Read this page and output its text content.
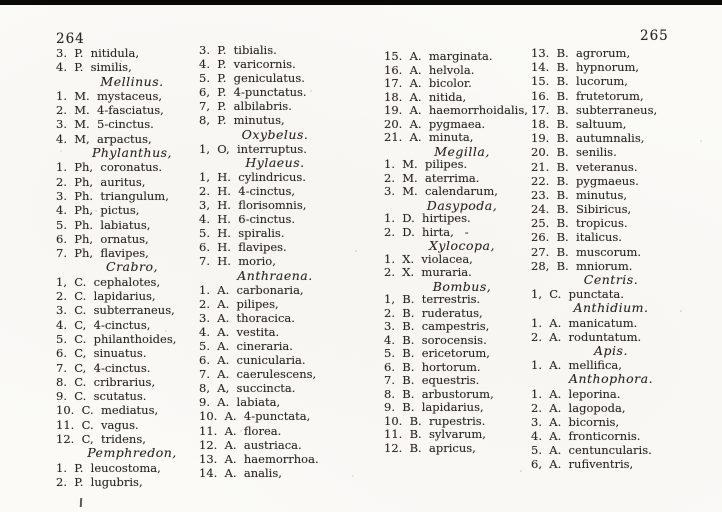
264	265
3.  P.  nitidula,
4.  P.  similis,
Mellinus.
1.  M.  mystaceus,
2.  M.  4-fasciatus,
3.  M.  5-cinctus.
4.  M,  arpactus,
Phylanthus,
1.  Ph,  coronatus.
2.  Ph,  auritus,
3.  Ph.  triangulum,
4.  Ph,  pictus,
5.  Ph.  labiatus,
6.  Ph,  ornatus,
7.  Ph,  flavipes,
Crabro,
1,  C.  cephalotes,
2.  C.  lapidarius,
3.  C.  subterraneus,
4.  C,  4-cinctus,
5.  C.  philanthoides,
6.  C,  sinuatus.
7.  C,  4-cinctus.
8.  C.  cribrarius,
9.  C.  scutatus.
10.  C.  mediatus,
11.  C.  vagus.
12.  C,  tridens,
Pemphredon,
1.  P.  leucostoma,
2.  P.  lugubris,
3.  P.  tibialis.
4.  P.  varicornis.
5.  P.  geniculatus.
6,  P.  4-punctatus.
7,  P.  albilabris.
8,  P.  minutus,
Oxybelus.
1,  O,  interruptus.
Hylaeus.
1,  H.  cylindricus.
2.  H.  4-cinctus,
3,  H.  florisomnis,
4.  H.  6-cinctus.
5.  H.  spiralis.
6.  H.  flavipes.
7.  H.  morio,
Anthraena.
1.  A.  carbonaria,
2.  A.  pilipes,
3.  A.  thoracica.
4.  A.  vestita.
5.  A.  cineraria.
6.  A.  cunicularia.
7.  A.  caerulescens,
8,  A,  succincta.
9.  A.  labiata,
10.  A.  4-punctata,
11.  A.  florea.
12.  A.  austriaca.
13.  A.  haemorrhoa.
14.  A.  analis,
15.  A.  marginata.
16.  A.  helvola.
17.  A.  bicolor.
18.  A.  nitida,
19.  A.  haemorrhoidalis,
20.  A.  pygmaea.
21.  A.  minuta,
Megilla,
1.  M.  pilipes.
2.  M.  aterrima.
3.  M.  calendarum,
Dasypoda,
1.  D.  hirtipes.
2.  D.  hirta,   -
Xylocopa,
1.  X.  violacea,
2.  X.  muraria.
Bombus,
1,  B.  terrestris.
2.  B.  ruderatus,
3.  B.  campestris,
4.  B.  sorocensis.
5.  B.  ericetorum,
6.  B.  hortorum.
7.  B.  equestris.
8.  B.  arbustorum,
9.  B.  lapidarius,
10.  B.  rupestris.
11.  B.  sylvarum,
12.  B.  apricus,
13.  B.  agrorum,
14.  B.  hypnorum,
15.  B.  lucorum,
16.  B.  frutetorum,
17.  B.  subterraneus,
18.  B.  saltuum,
19.  B.  autumnalis,
20.  B.  senilis.
21.  B.  veteranus.
22.  B.  pygmaeus.
23.  B.  minutus,
24.  B.  Sibiricus,
25.  B.  tropicus.
26.  B.  italicus.
27.  B.  muscorum.
28,  B.  mniorum.
Centris.
1,  C.  punctata.
Anthidium.
1.  A.  manicatum.
2.  A.  roduntatum.
Apis.
1.  A.  mellifica,
Anthophora.
1.  A.  leporina.
2.  A.  lagopoda,
3.  A.  bicornis,
4.  A.  fronticornis.
5.  A.  centuncularis.
6,  A.  rufiventris,
